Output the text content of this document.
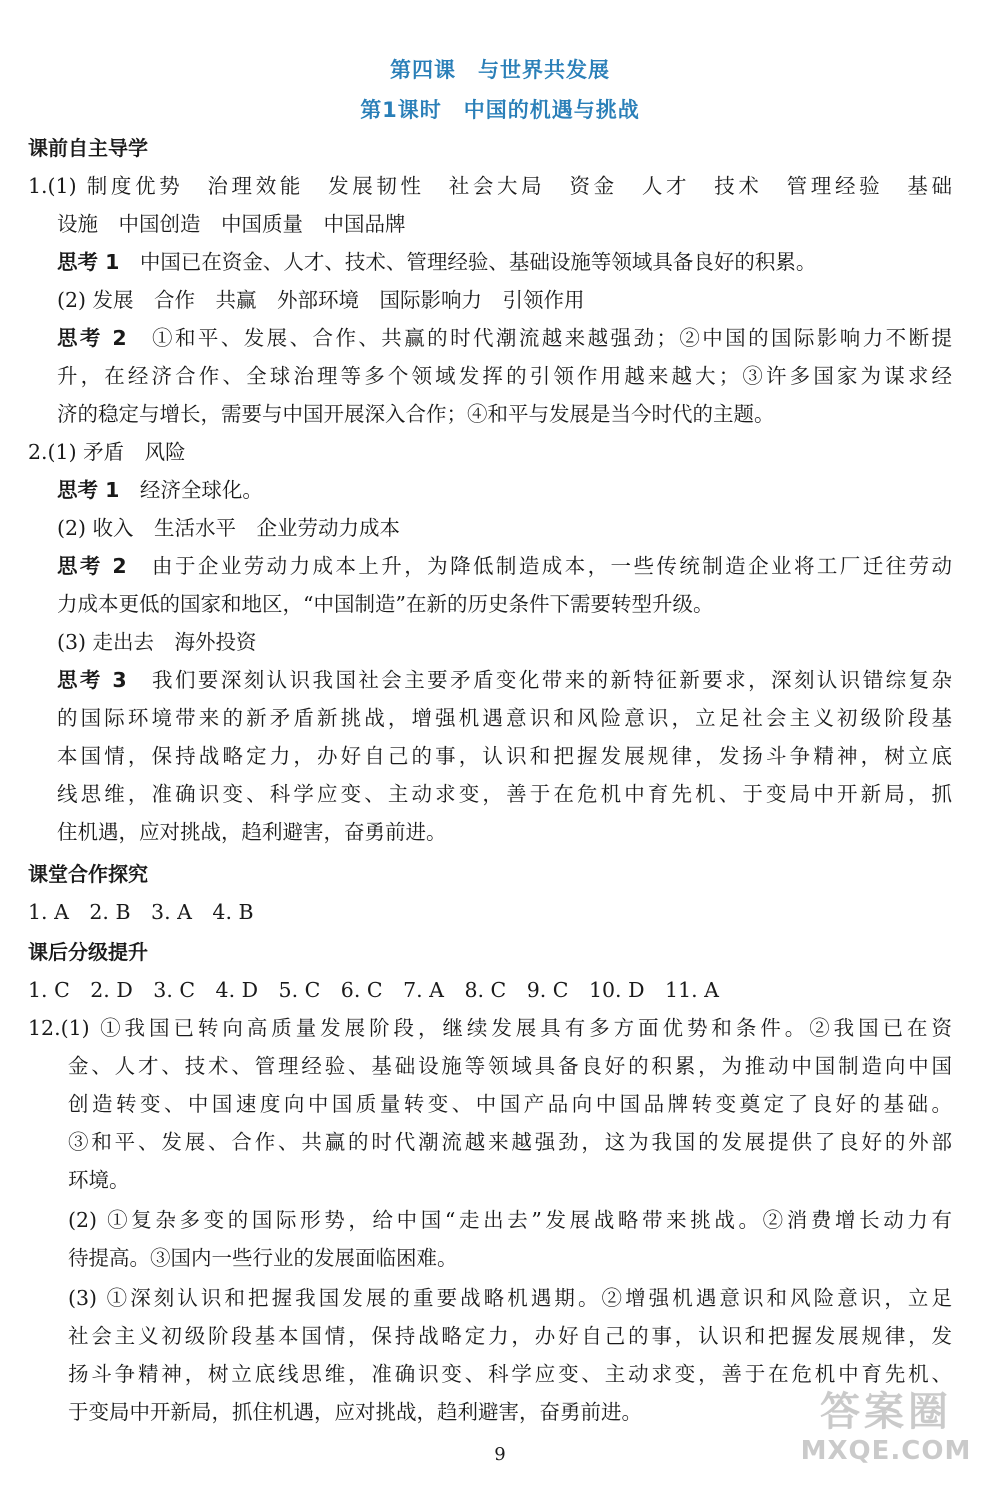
第四课　与世界共发展
第1课时　中国的机遇与挑战
课前自主导学
1.(1) 制度优势　治理效能　发展韧性　社会大局　资金　人才　技术　管理经验　基础
设施　中国创造　中国质量　中国品牌
思考 1　中国已在资金、人才、技术、管理经验、基础设施等领域具备良好的积累。
(2) 发展　合作　共赢　外部环境　国际影响力　引领作用
思考 2　①和平、发展、合作、共赢的时代潮流越来越强劲；②中国的国际影响力不断提
升，在经济合作、全球治理等多个领域发挥的引领作用越来越大；③许多国家为谋求经
济的稳定与增长，需要与中国开展深入合作；④和平与发展是当今时代的主题。
2.(1) 矛盾　风险
思考 1　经济全球化。
(2) 收入　生活水平　企业劳动力成本
思考 2　由于企业劳动力成本上升，为降低制造成本，一些传统制造企业将工厂迁往劳动
力成本更低的国家和地区，“中国制造”在新的历史条件下需要转型升级。
(3) 走出去　海外投资
思考 3　我们要深刻认识我国社会主要矛盾变化带来的新特征新要求，深刻认识错综复杂
的国际环境带来的新矛盾新挑战，增强机遇意识和风险意识，立足社会主义初级阶段基
本国情，保持战略定力，办好自己的事，认识和把握发展规律，发扬斗争精神，树立底
线思维，准确识变、科学应变、主动求变，善于在危机中育先机、于变局中开新局，抓
住机遇，应对挑战，趋利避害，奋勇前进。
课堂合作探究
1. A　2. B　3. A　4. B
课后分级提升
1. C　2. D　3. C　4. D　5. C　6. C　7. A　8. C　9. C　10. D　11. A
12.(1) ①我国已转向高质量发展阶段，继续发展具有多方面优势和条件。②我国已在资
金、人才、技术、管理经验、基础设施等领域具备良好的积累，为推动中国制造向中国
创造转变、中国速度向中国质量转变、中国产品向中国品牌转变奠定了良好的基础。
③和平、发展、合作、共赢的时代潮流越来越强劲，这为我国的发展提供了良好的外部
环境。
(2) ①复杂多变的国际形势，给中国“走出去”发展战略带来挑战。②消费增长动力有
待提高。③国内一些行业的发展面临困难。
(3) ①深刻认识和把握我国发展的重要战略机遇期。②增强机遇意识和风险意识，立足
社会主义初级阶段基本国情，保持战略定力，办好自己的事，认识和把握发展规律，发
扬斗争精神，树立底线思维，准确识变、科学应变、主动求变，善于在危机中育先机、
于变局中开新局，抓住机遇，应对挑战，趋利避害，奋勇前进。
9
答案圈
MXQE.COM
